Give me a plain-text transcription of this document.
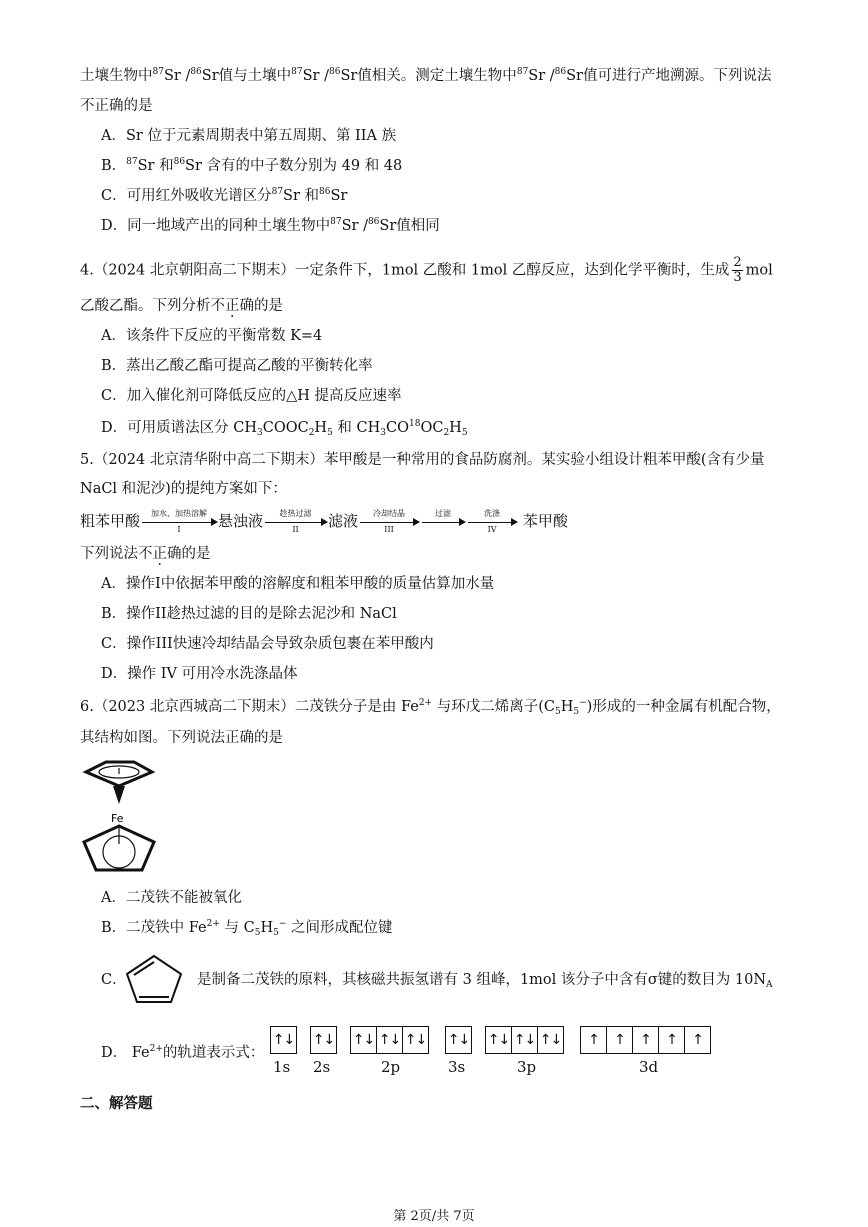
土壤生物中$^{87}$Sr /$^{86}$Sr值与土壤中$^{87}$Sr /$^{86}$Sr值相关。测定土壤生物中$^{87}$Sr /$^{86}$Sr值可进行产地溯源。下列说法
不正确的是
A．Sr 位于元素周期表中第五周期、第 IIA 族
B．$^{87}$Sr 和$^{86}$Sr 含有的中子数分别为 49 和 48
C．可用红外吸收光谱区分$^{87}$Sr 和$^{86}$Sr
D．同一地域产出的同种土壤生物中$^{87}$Sr /$^{86}$Sr值相同
4.（2024 北京朝阳高二下期末）一定条件下，1mol 乙酸和 1mol 乙醇反应，达到化学平衡时，生成 $\frac{2}{3}$ mol
乙酸乙酯。下列分析不正确的是
A．该条件下反应的平衡常数 K=4
B．蒸出乙酸乙酯可提高乙酸的平衡转化率
C．加入催化剂可降低反应的△H 提高反应速率
D．可用质谱法区分 $CH_3COOC_2H_5$ 和 $CH_3CO^{18}OC_2H_5$
5.（2024 北京清华附中高二下期末）苯甲酸是一种常用的食品防腐剂。某实验小组设计粗苯甲酸(含有少量
NaCl 和泥沙)的提纯方案如下：
粗苯甲酸	加水、加热溶解
I	悬浊液	趁热过滤
II	滤液	冷却结晶
III
过滤	洗涤
IV	苯甲酸
下列说法不正确的是
A．操作I中依据苯甲酸的溶解度和粗苯甲酸的质量估算加水量
B．操作II趁热过滤的目的是除去泥沙和 NaCl
C．操作III快速冷却结晶会导致杂质包裹在苯甲酸内
D．操作 IV 可用冷水洗涤晶体
6.（2023 北京西城高二下期末）二茂铁分子是由 $Fe^{2+}$ 与环戊二烯离子$(C_5H_5^-)$形成的一种金属有机配合物，
其结构如图。下列说法正确的是
Fe
A．二茂铁不能被氧化
B．二茂铁中 $Fe^{2+}$ 与 $C_5H_5^-$ 之间形成配位键
C．	是制备二茂铁的原料，其核磁共振氢谱有 3 组峰，1mol 该分子中含有σ键的数目为 $10N_A$
D． $Fe^{2+}$的轨道表示式：
↑↓ ↑↓ ↑↓ ↑↓ ↑↓ ↑↓ ↑↓ ↑↓ ↑↓	↑	↑	↑	↑	↑
1s 2s	2p	3s	3p	3d
二、解答题
第 2页/共 7页
